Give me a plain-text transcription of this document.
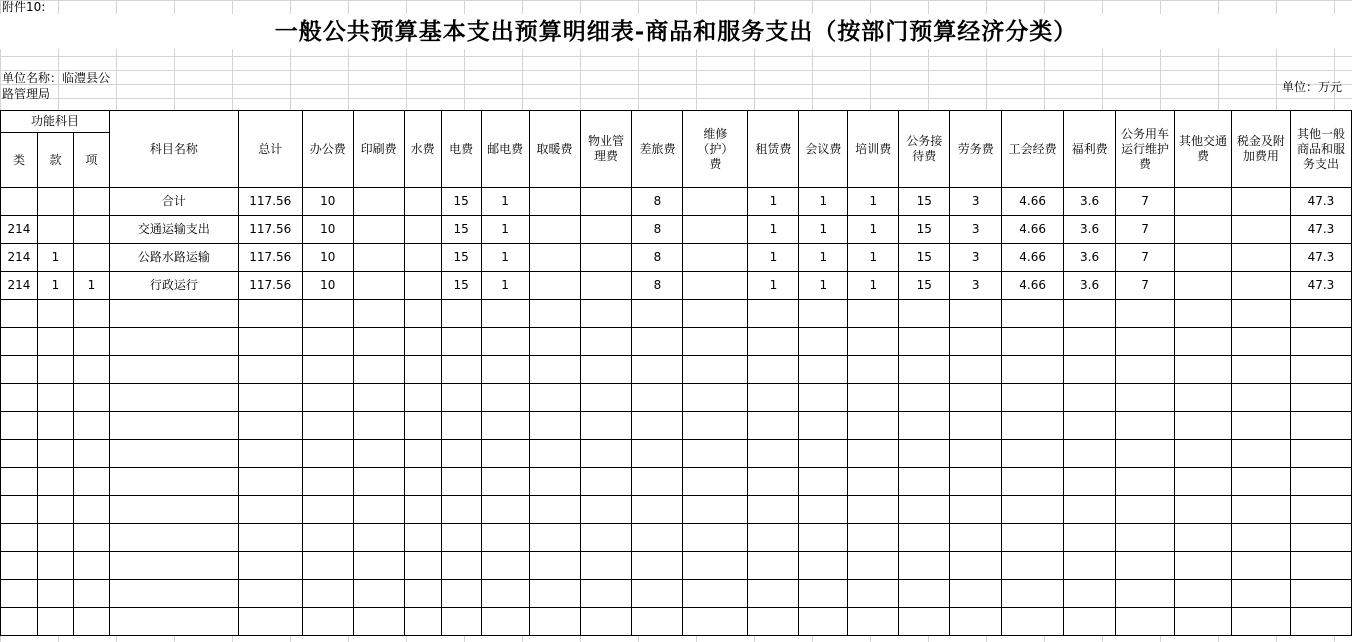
附件10:
一般公共预算基本支出预算明细表-商品和服务支出（按部门预算经济分类）
单位名称：临澧县公路管理局	单位：万元
功能科目			科目名称	总计	办公费	印刷费	水费	电费	邮电费	取暖费	物业管理费	差旅费	维修（护）费	租赁费	会议费	培训费	公务接待费	劳务费	工会经费	福利费	公务用车运行维护费	其他交通费	税金及附加费用	其他一般商品和服务支出
类	款	项																						
			合计	117.56	10			15	1			8		1	1	1	15	3	4.66	3.6	7			47.3
214			交通运输支出	117.56	10			15	1			8		1	1	1	15	3	4.66	3.6	7			47.3
214	1		公路水路运输	117.56	10			15	1			8		1	1	1	15	3	4.66	3.6	7			47.3
214	1	1	行政运行	117.56	10			15	1			8		1	1	1	15	3	4.66	3.6	7			47.3
